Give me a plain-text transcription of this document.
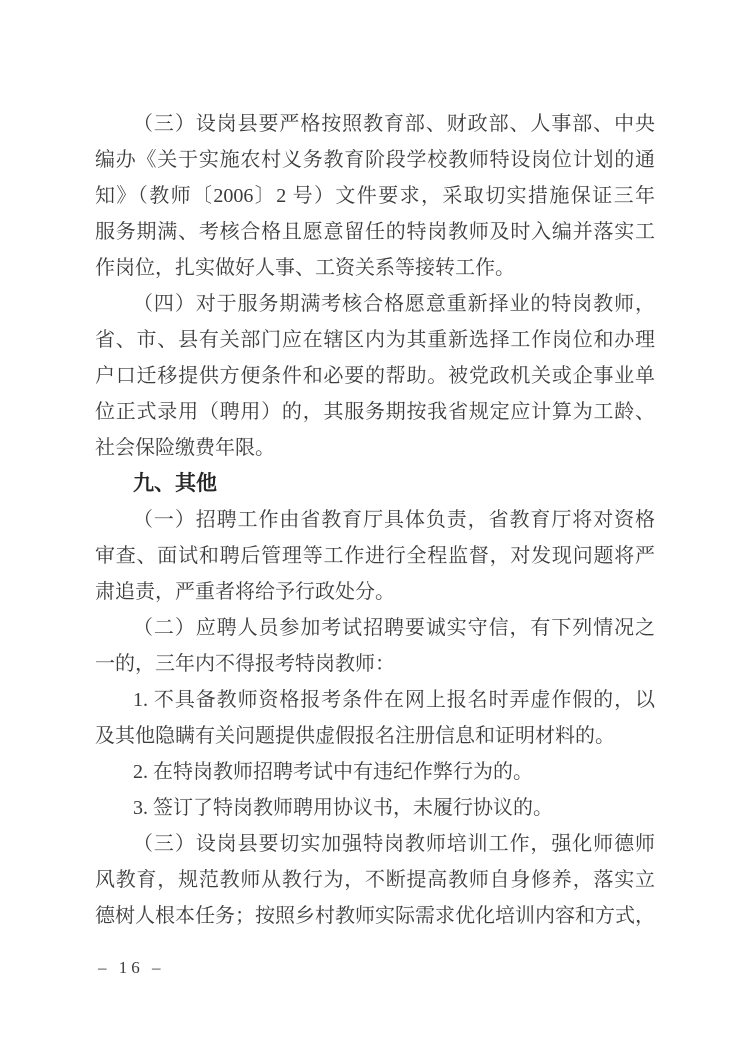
（三）设岗县要严格按照教育部、财政部、人事部、中央
编办《关于实施农村义务教育阶段学校教师特设岗位计划的通
知》（教师〔2006〕2 号）文件要求，采取切实措施保证三年
服务期满、考核合格且愿意留任的特岗教师及时入编并落实工
作岗位，扎实做好人事、工资关系等接转工作。
（四）对于服务期满考核合格愿意重新择业的特岗教师，
省、市、县有关部门应在辖区内为其重新选择工作岗位和办理
户口迁移提供方便条件和必要的帮助。被党政机关或企事业单
位正式录用（聘用）的，其服务期按我省规定应计算为工龄、
社会保险缴费年限。
九、其他
（一）招聘工作由省教育厅具体负责，省教育厅将对资格
审查、面试和聘后管理等工作进行全程监督，对发现问题将严
肃追责，严重者将给予行政处分。
（二）应聘人员参加考试招聘要诚实守信，有下列情况之
一的，三年内不得报考特岗教师：
1. 不具备教师资格报考条件在网上报名时弄虚作假的，以
及其他隐瞒有关问题提供虚假报名注册信息和证明材料的。
2. 在特岗教师招聘考试中有违纪作弊行为的。
3. 签订了特岗教师聘用协议书，未履行协议的。
（三）设岗县要切实加强特岗教师培训工作，强化师德师
风教育，规范教师从教行为，不断提高教师自身修养，落实立
德树人根本任务；按照乡村教师实际需求优化培训内容和方式，
– 16 –
